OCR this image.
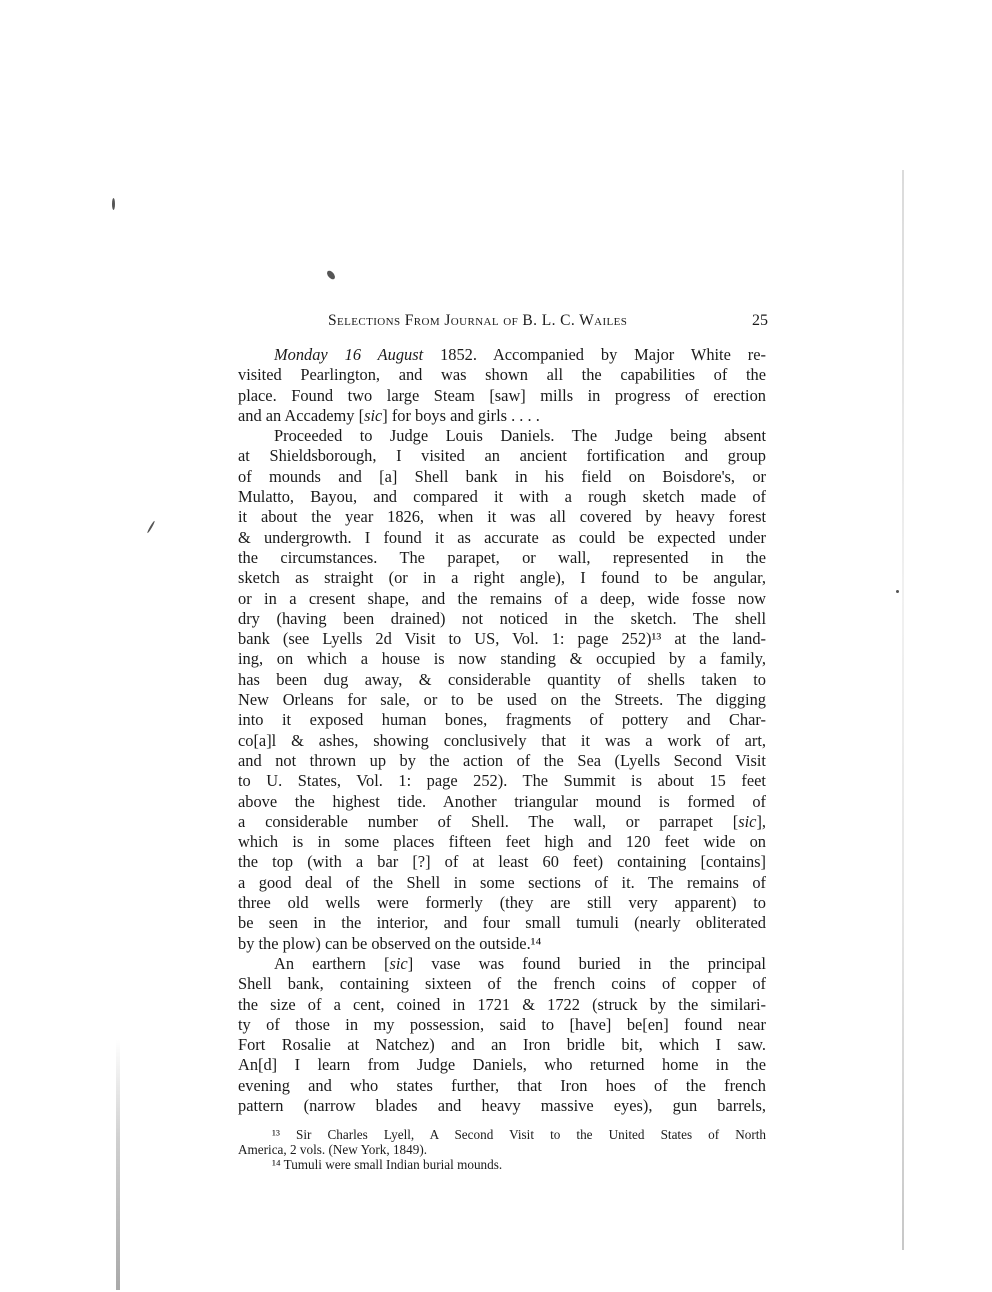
Selections From Journal of B. L. C. Wailes	25
Monday 16 August 1852. Accompanied by Major White re-
visited Pearlington, and was shown all the capabilities of the
place. Found two large Steam [saw] mills in progress of erection
and an Accademy [sic] for boys and girls . . . .
Proceeded to Judge Louis Daniels. The Judge being absent
at Shieldsborough, I visited an ancient fortification and group
of mounds and [a] Shell bank in his field on Boisdore's, or
Mulatto, Bayou, and compared it with a rough sketch made of
it about the year 1826, when it was all covered by heavy forest
& undergrowth. I found it as accurate as could be expected under
the circumstances. The parapet, or wall, represented in the
sketch as straight (or in a right angle), I found to be angular,
or in a cresent shape, and the remains of a deep, wide fosse now
dry (having been drained) not noticed in the sketch. The shell
bank (see Lyells 2d Visit to US, Vol. 1: page 252)¹³ at the land-
ing, on which a house is now standing & occupied by a family,
has been dug away, & considerable quantity of shells taken to
New Orleans for sale, or to be used on the Streets. The digging
into it exposed human bones, fragments of pottery and Char-
co[a]l & ashes, showing conclusively that it was a work of art,
and not thrown up by the action of the Sea (Lyells Second Visit
to U. States, Vol. 1: page 252). The Summit is about 15 feet
above the highest tide. Another triangular mound is formed of
a considerable number of Shell. The wall, or parrapet [sic],
which is in some places fifteen feet high and 120 feet wide on
the top (with a bar [?] of at least 60 feet) containing [contains]
a good deal of the Shell in some sections of it. The remains of
three old wells were formerly (they are still very apparent) to
be seen in the interior, and four small tumuli (nearly obliterated
by the plow) can be observed on the outside.¹⁴
An earthern [sic] vase was found buried in the principal
Shell bank, containing sixteen of the french coins of copper of
the size of a cent, coined in 1721 & 1722 (struck by the similari-
ty of those in my possession, said to [have] be[en] found near
Fort Rosalie at Natchez) and an Iron bridle bit, which I saw.
An[d] I learn from Judge Daniels, who returned home in the
evening and who states further, that Iron hoes of the french
pattern (narrow blades and heavy massive eyes), gun barrels,
¹³ Sir Charles Lyell, A Second Visit to the United States of North
America, 2 vols. (New York, 1849).
¹⁴ Tumuli were small Indian burial mounds.
